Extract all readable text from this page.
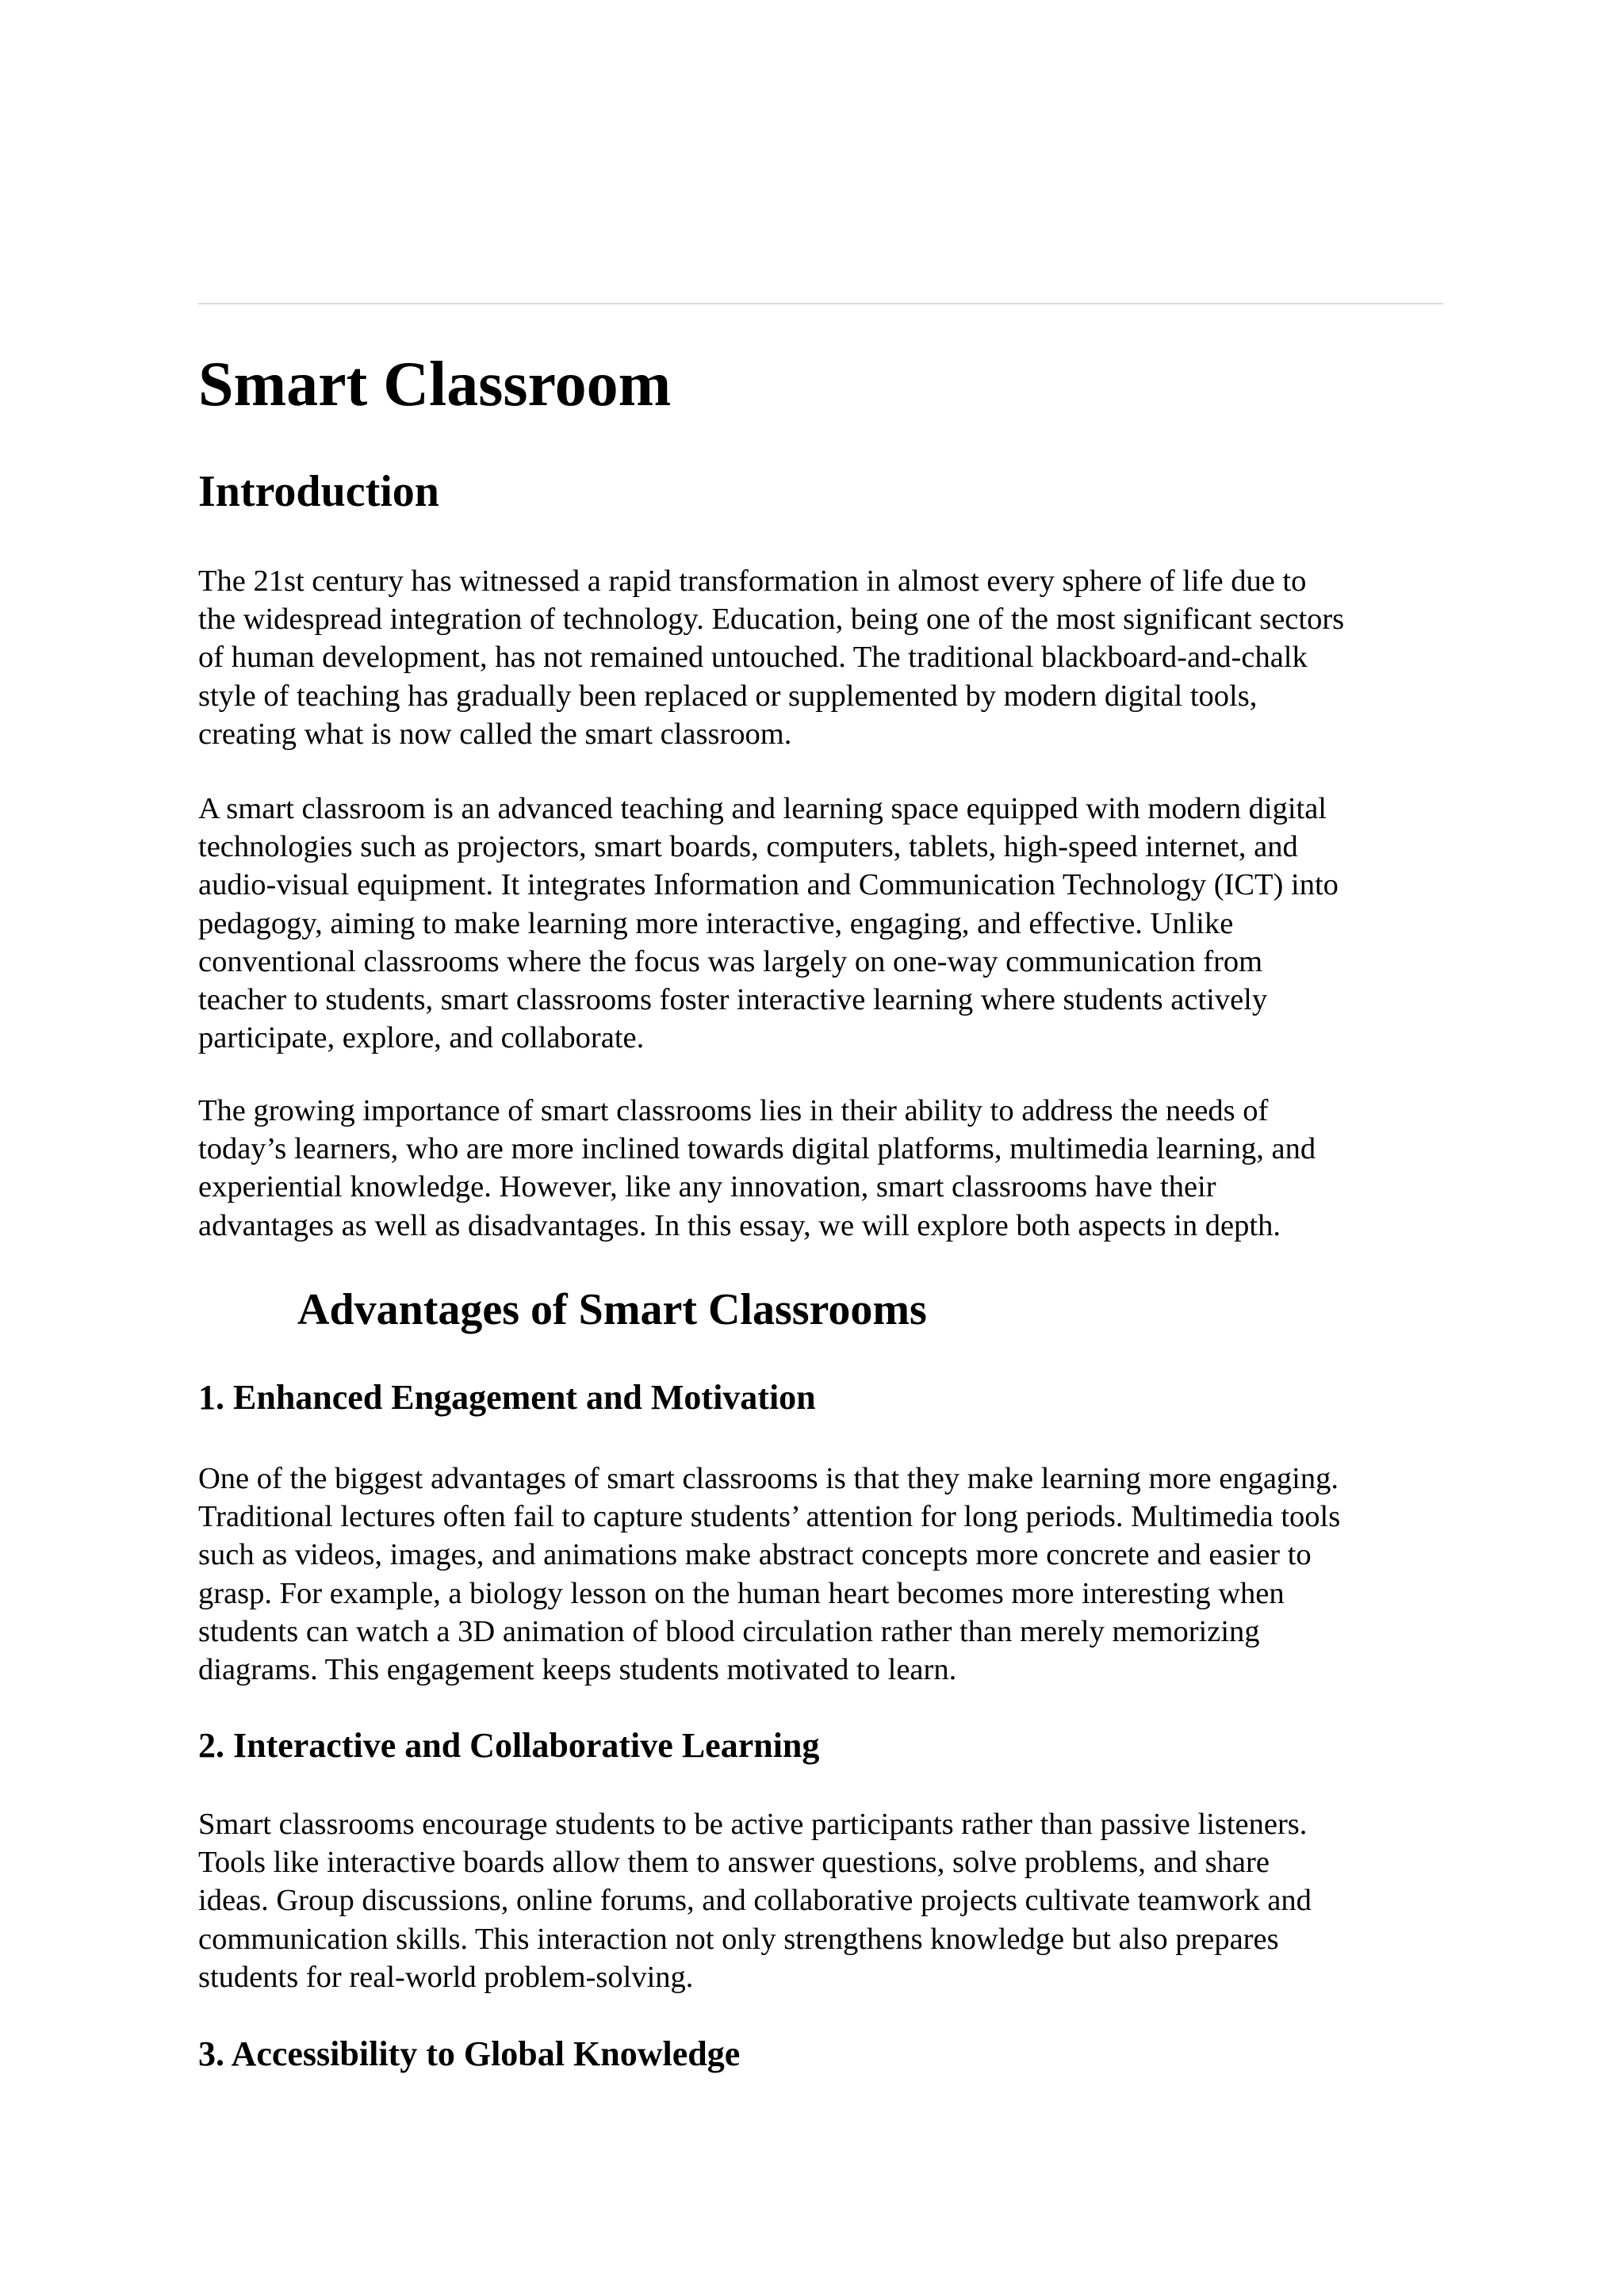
Smart Classroom
Introduction
The 21st century has witnessed a rapid transformation in almost every sphere of life due to
the widespread integration of technology. Education, being one of the most significant sectors
of human development, has not remained untouched. The traditional blackboard-and-chalk
style of teaching has gradually been replaced or supplemented by modern digital tools,
creating what is now called the smart classroom.
A smart classroom is an advanced teaching and learning space equipped with modern digital
technologies such as projectors, smart boards, computers, tablets, high-speed internet, and
audio-visual equipment. It integrates Information and Communication Technology (ICT) into
pedagogy, aiming to make learning more interactive, engaging, and effective. Unlike
conventional classrooms where the focus was largely on one-way communication from
teacher to students, smart classrooms foster interactive learning where students actively
participate, explore, and collaborate.
The growing importance of smart classrooms lies in their ability to address the needs of
today’s learners, who are more inclined towards digital platforms, multimedia learning, and
experiential knowledge. However, like any innovation, smart classrooms have their
advantages as well as disadvantages. In this essay, we will explore both aspects in depth.
Advantages of Smart Classrooms
1. Enhanced Engagement and Motivation
One of the biggest advantages of smart classrooms is that they make learning more engaging.
Traditional lectures often fail to capture students’ attention for long periods. Multimedia tools
such as videos, images, and animations make abstract concepts more concrete and easier to
grasp. For example, a biology lesson on the human heart becomes more interesting when
students can watch a 3D animation of blood circulation rather than merely memorizing
diagrams. This engagement keeps students motivated to learn.
2. Interactive and Collaborative Learning
Smart classrooms encourage students to be active participants rather than passive listeners.
Tools like interactive boards allow them to answer questions, solve problems, and share
ideas. Group discussions, online forums, and collaborative projects cultivate teamwork and
communication skills. This interaction not only strengthens knowledge but also prepares
students for real-world problem-solving.
3. Accessibility to Global Knowledge
